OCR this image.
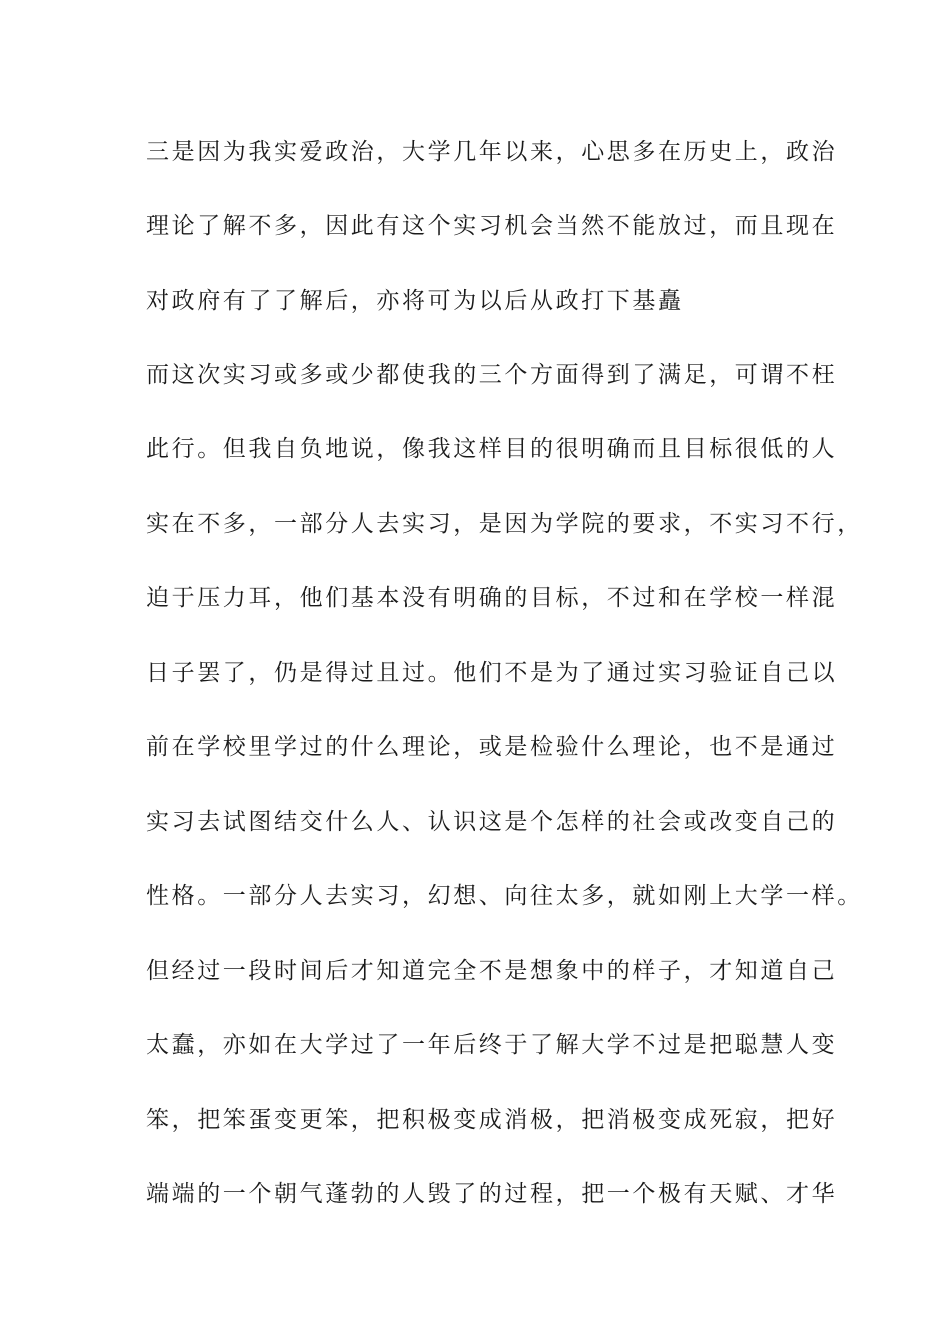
三是因为我实爱政治，大学几年以来，心思多在历史上，政治
理论了解不多，因此有这个实习机会当然不能放过，而且现在
对政府有了了解后，亦将可为以后从政打下基矗
而这次实习或多或少都使我的三个方面得到了满足，可谓不枉
此行。但我自负地说，像我这样目的很明确而且目标很低的人
实在不多，一部分人去实习，是因为学院的要求，不实习不行，
迫于压力耳，他们基本没有明确的目标，不过和在学校一样混
日子罢了，仍是得过且过。他们不是为了通过实习验证自己以
前在学校里学过的什么理论，或是检验什么理论，也不是通过
实习去试图结交什么人、认识这是个怎样的社会或改变自己的
性格。一部分人去实习，幻想、向往太多，就如刚上大学一样。
但经过一段时间后才知道完全不是想象中的样子，才知道自己
太蠢，亦如在大学过了一年后终于了解大学不过是把聪慧人变
笨，把笨蛋变更笨，把积极变成消极，把消极变成死寂，把好
端端的一个朝气蓬勃的人毁了的过程，把一个极有天赋、才华
